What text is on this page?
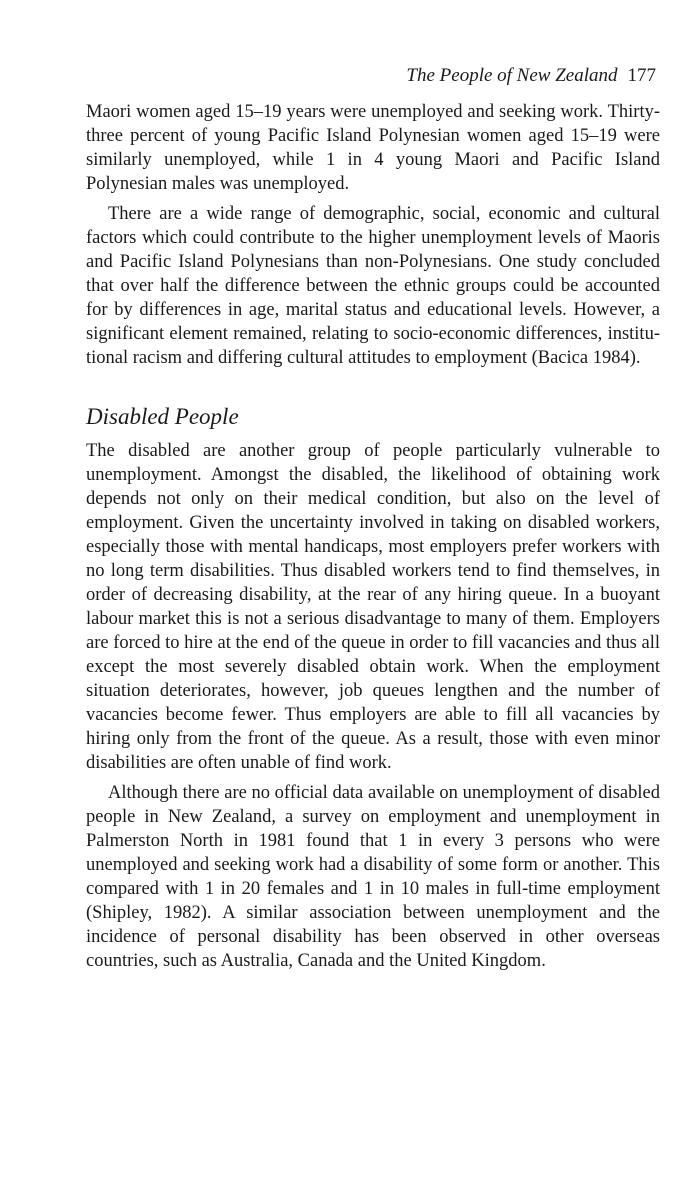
The People of New Zealand 177

Maori women aged 15–19 years were unemployed and seeking work. Thirty-three percent of young Pacific Island Polynesian women aged 15–19 were similarly unemployed, while 1 in 4 young Maori and Pacific Island Polynesian males was unemployed.

There are a wide range of demographic, social, economic and cultural factors which could contribute to the higher unemployment levels of Maoris and Pacific Island Polynesians than non-Polynesians. One study concluded that over half the difference between the ethnic groups could be accounted for by differences in age, marital status and educational levels. However, a significant element remained, relating to socio-economic differences, institutional racism and differing cultural attitudes to employment (Bacica 1984).

Disabled People

The disabled are another group of people particularly vulnerable to unemployment. Amongst the disabled, the likelihood of obtaining work depends not only on their medical condition, but also on the level of employment. Given the uncertainty involved in taking on disabled workers, especially those with mental handicaps, most employers prefer workers with no long term disabilities. Thus disabled workers tend to find themselves, in order of decreasing disability, at the rear of any hiring queue. In a buoyant labour market this is not a serious disadvantage to many of them. Employers are forced to hire at the end of the queue in order to fill vacancies and thus all except the most severely disabled obtain work. When the employment situation deteriorates, however, job queues lengthen and the number of vacancies become fewer. Thus employers are able to fill all vacancies by hiring only from the front of the queue. As a result, those with even minor disabilities are often unable of find work.

Although there are no official data available on unemployment of disabled people in New Zealand, a survey on employment and unemployment in Palmerston North in 1981 found that 1 in every 3 persons who were unemployed and seeking work had a disability of some form or another. This compared with 1 in 20 females and 1 in 10 males in full-time employment (Shipley, 1982). A similar association between unemployment and the incidence of personal disability has been observed in other overseas countries, such as Australia, Canada and the United Kingdom.
